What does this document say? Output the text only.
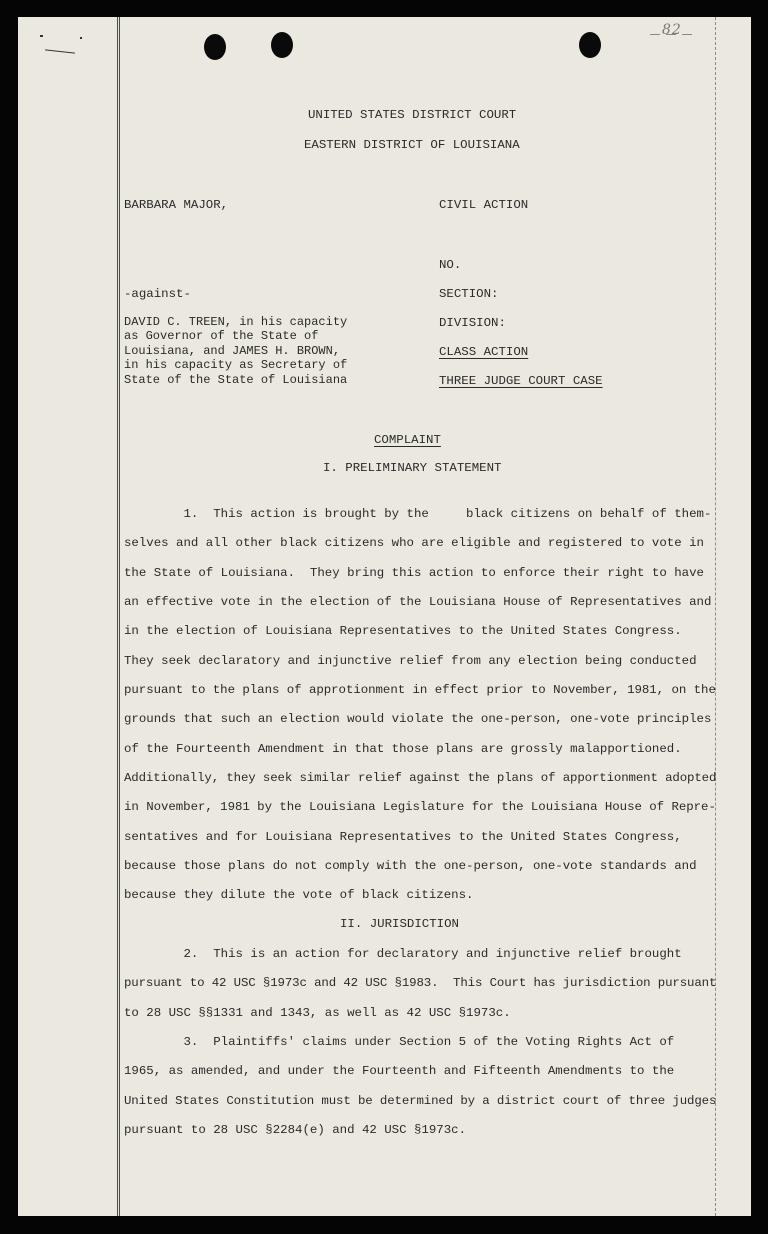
82
UNITED STATES DISTRICT COURT
EASTERN DISTRICT OF LOUISIANA
BARBARA MAJOR,
-against-
DAVID C. TREEN, in his capacity
as Governor of the State of
Louisiana, and JAMES H. BROWN,
in his capacity as Secretary of
State of the State of Louisiana
CIVIL ACTION
NO.
SECTION:
DIVISION:
CLASS ACTION
THREE JUDGE COURT CASE
COMPLAINT
I. PRELIMINARY STATEMENT
1.  This action is brought by the     black citizens on behalf of them-
selves and all other black citizens who are eligible and registered to vote in
the State of Louisiana.  They bring this action to enforce their right to have
an effective vote in the election of the Louisiana House of Representatives and
in the election of Louisiana Representatives to the United States Congress.
They seek declaratory and injunctive relief from any election being conducted
pursuant to the plans of approtionment in effect prior to November, 1981, on the
grounds that such an election would violate the one-person, one-vote principles
of the Fourteenth Amendment in that those plans are grossly malapportioned.
Additionally, they seek similar relief against the plans of apportionment adopted
in November, 1981 by the Louisiana Legislature for the Louisiana House of Repre-
sentatives and for Louisiana Representatives to the United States Congress,
because those plans do not comply with the one-person, one-vote standards and
because they dilute the vote of black citizens.
II. JURISDICTION
2.  This is an action for declaratory and injunctive relief brought
pursuant to 42 USC §1973c and 42 USC §1983.  This Court has jurisdiction pursuant
to 28 USC §§1331 and 1343, as well as 42 USC §1973c.
3.  Plaintiffs' claims under Section 5 of the Voting Rights Act of
1965, as amended, and under the Fourteenth and Fifteenth Amendments to the
United States Constitution must be determined by a district court of three judges
pursuant to 28 USC §2284(e) and 42 USC §1973c.
